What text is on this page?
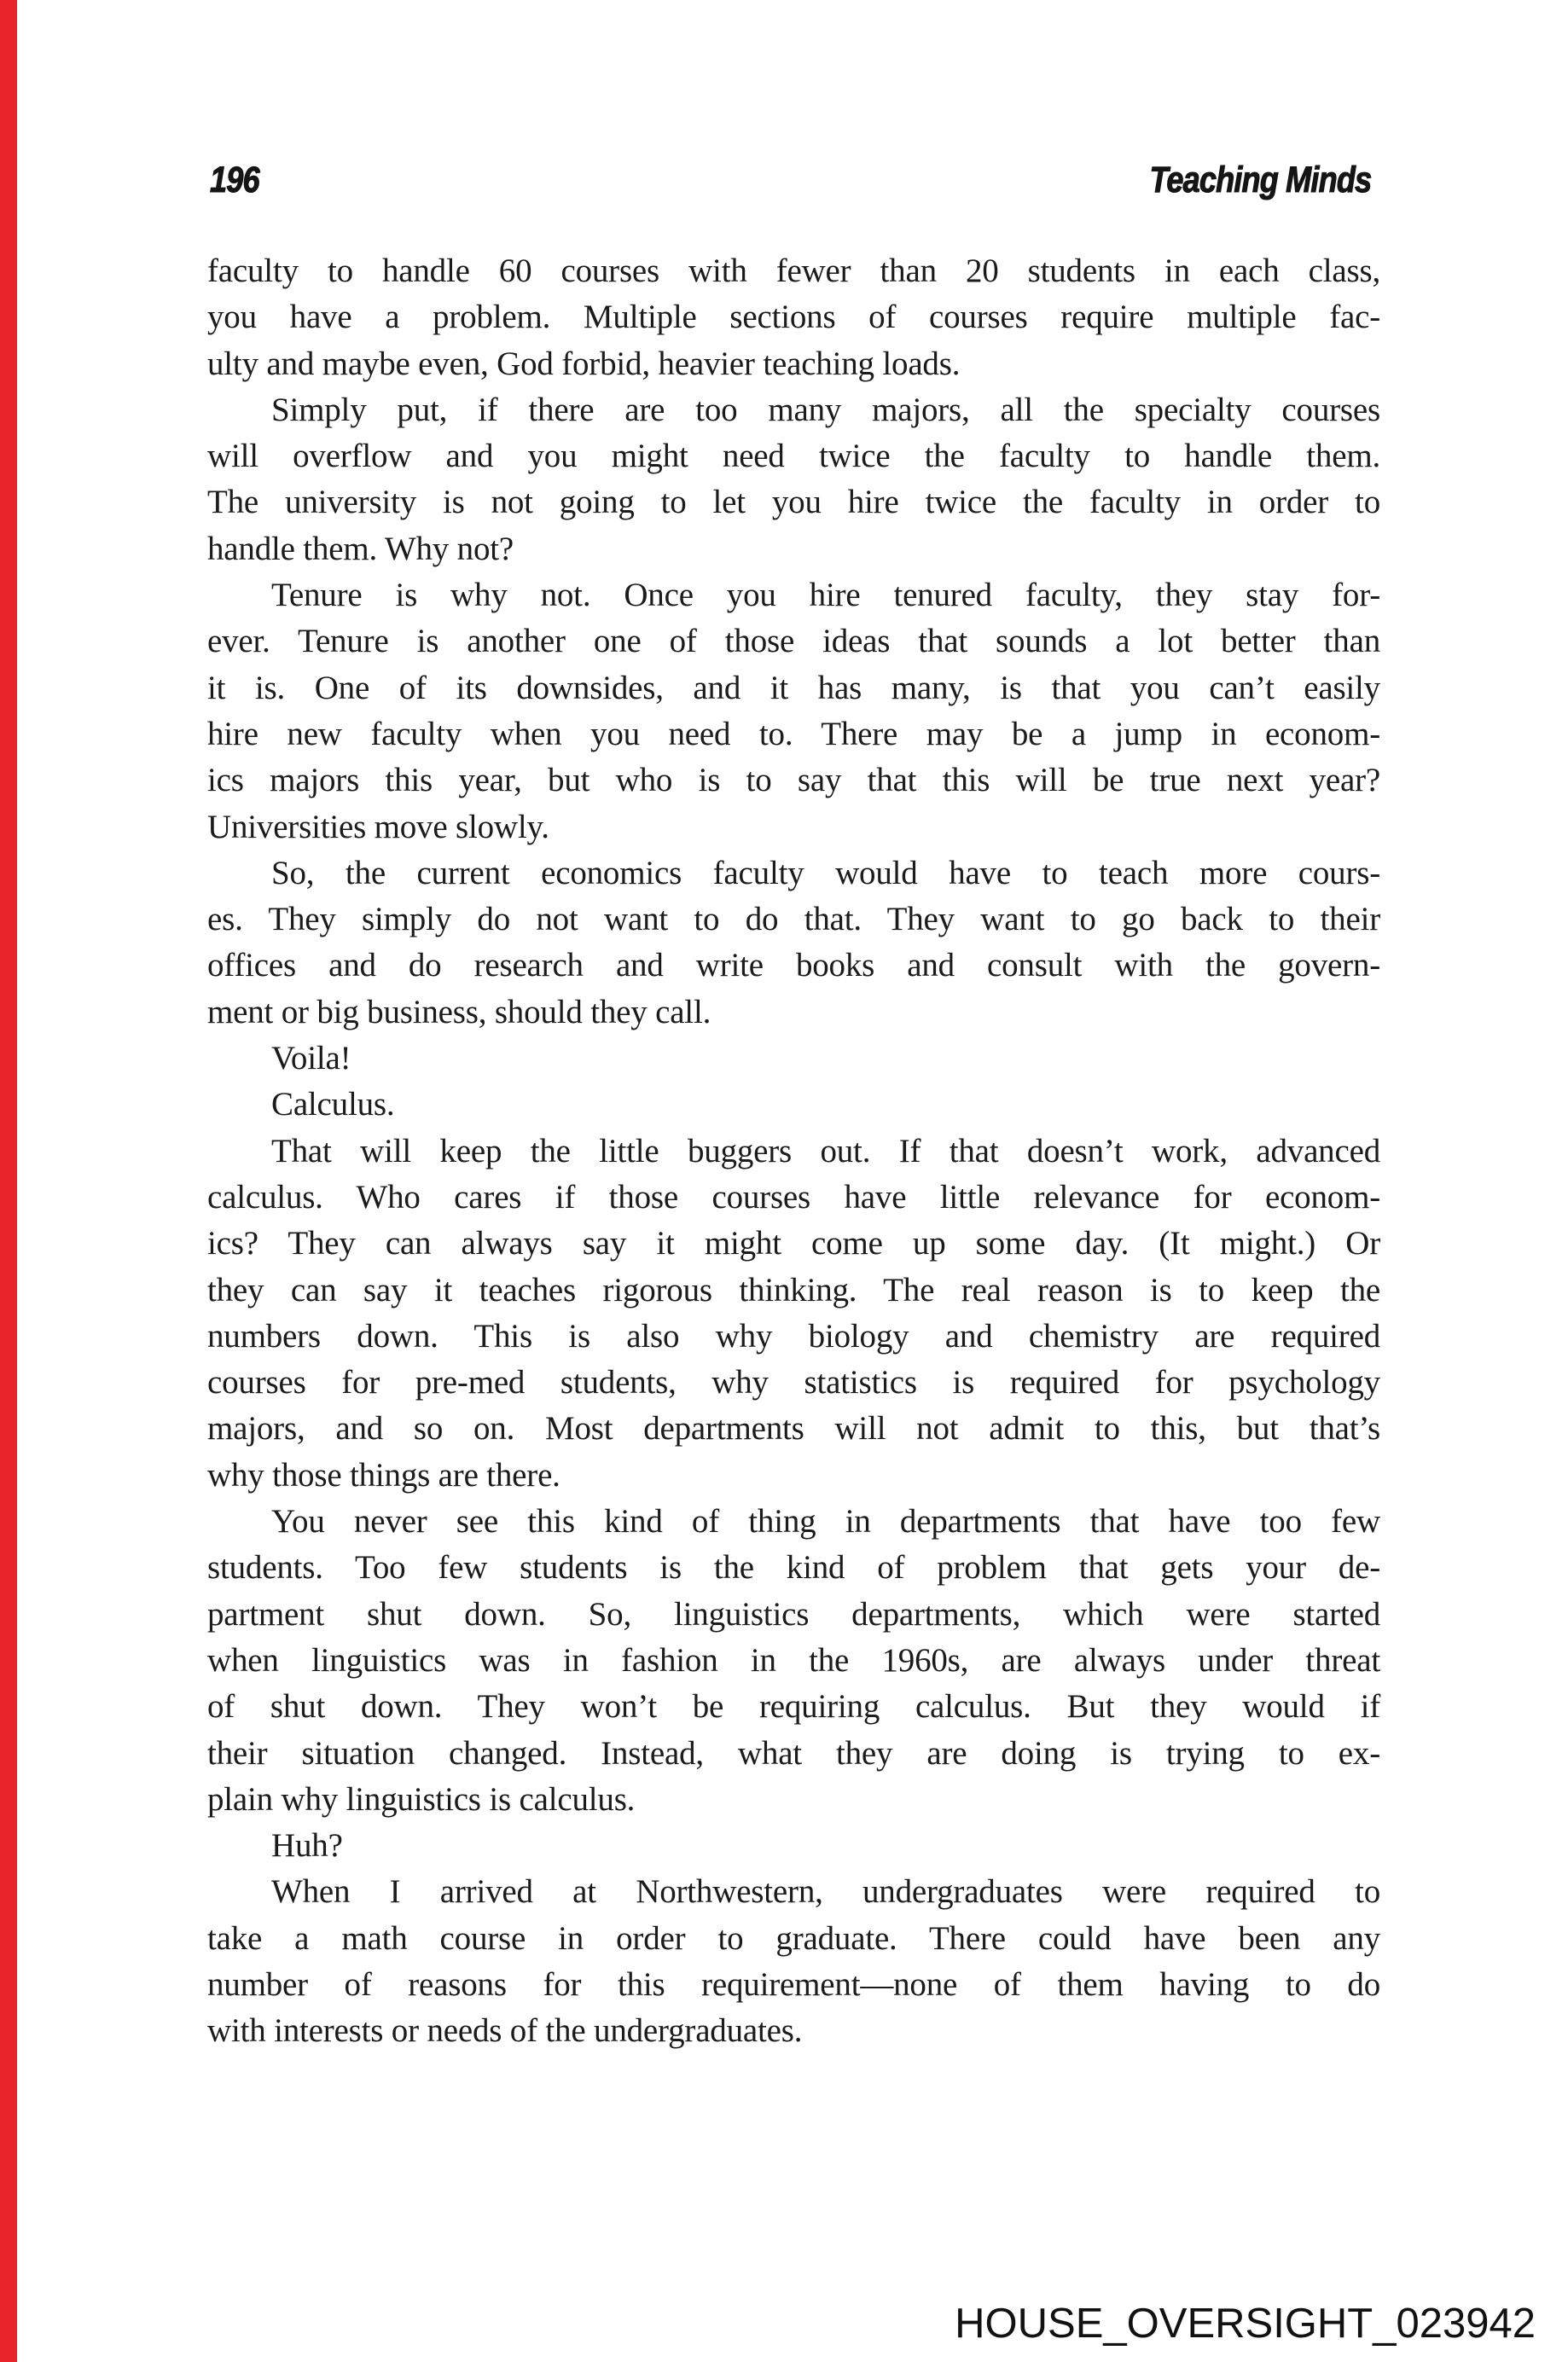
196	Teaching Minds
faculty to handle 60 courses with fewer than 20 students in each class,
you have a problem. Multiple sections of courses require multiple fac-
ulty and maybe even, God forbid, heavier teaching loads.
Simply put, if there are too many majors, all the specialty courses
will overflow and you might need twice the faculty to handle them.
The university is not going to let you hire twice the faculty in order to
handle them. Why not?
Tenure is why not. Once you hire tenured faculty, they stay for-
ever. Tenure is another one of those ideas that sounds a lot better than
it is. One of its downsides, and it has many, is that you can’t easily
hire new faculty when you need to. There may be a jump in econom-
ics majors this year, but who is to say that this will be true next year?
Universities move slowly.
So, the current economics faculty would have to teach more cours-
es. They simply do not want to do that. They want to go back to their
offices and do research and write books and consult with the govern-
ment or big business, should they call.
Voila!
Calculus.
That will keep the little buggers out. If that doesn’t work, advanced
calculus. Who cares if those courses have little relevance for econom-
ics? They can always say it might come up some day. (It might.) Or
they can say it teaches rigorous thinking. The real reason is to keep the
numbers down. This is also why biology and chemistry are required
courses for pre-med students, why statistics is required for psychology
majors, and so on. Most departments will not admit to this, but that’s
why those things are there.
You never see this kind of thing in departments that have too few
students. Too few students is the kind of problem that gets your de-
partment shut down. So, linguistics departments, which were started
when linguistics was in fashion in the 1960s, are always under threat
of shut down. They won’t be requiring calculus. But they would if
their situation changed. Instead, what they are doing is trying to ex-
plain why linguistics is calculus.
Huh?
When I arrived at Northwestern, undergraduates were required to
take a math course in order to graduate. There could have been any
number of reasons for this requirement—none of them having to do
with interests or needs of the undergraduates.
HOUSE_OVERSIGHT_023942
